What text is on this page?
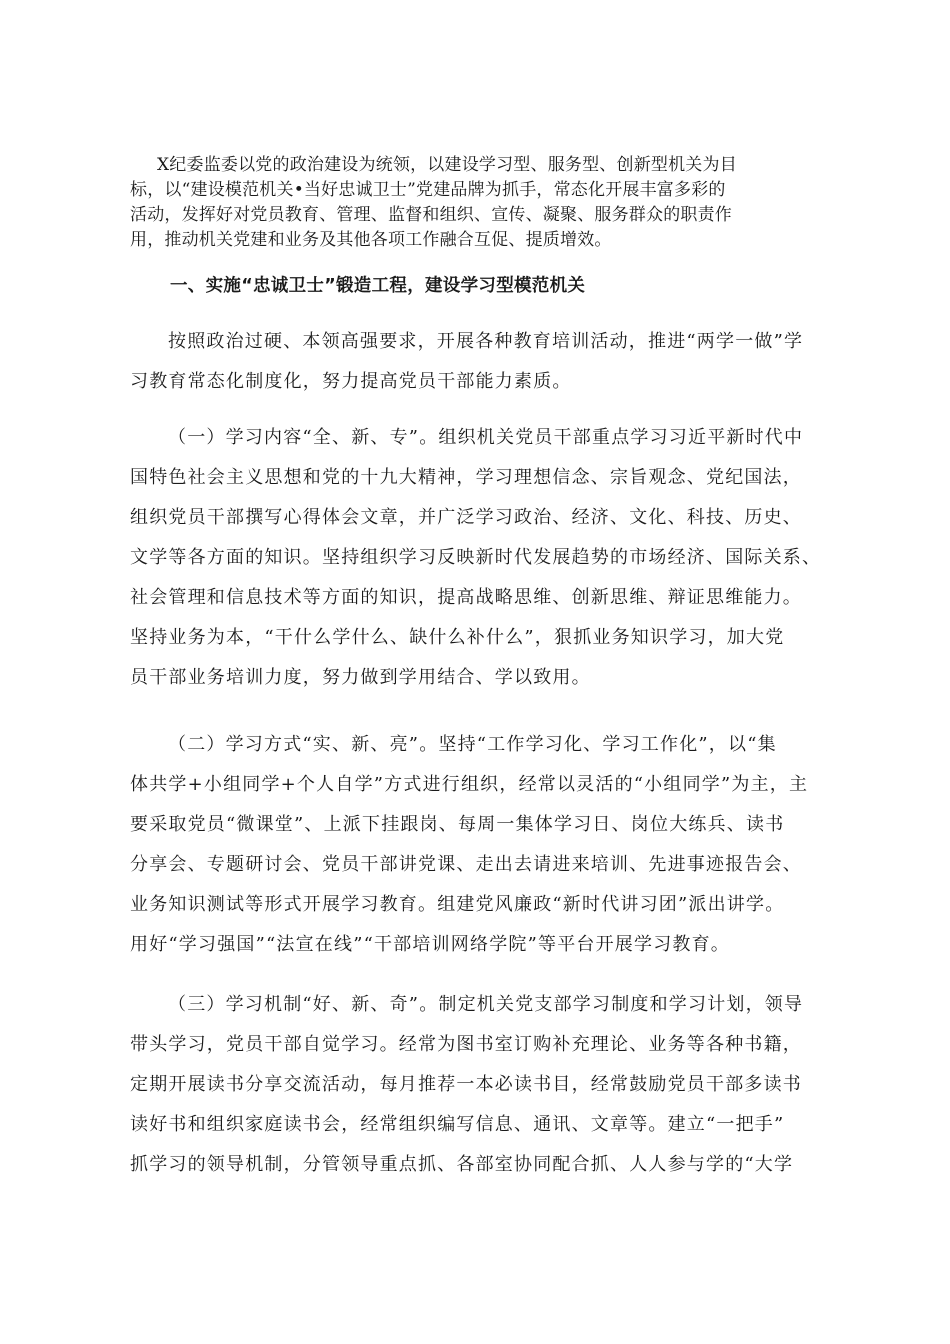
X纪委监委以党的政治建设为统领，以建设学习型、服务型、创新型机关为目
标，以“建设模范机关•当好忠诚卫士”党建品牌为抓手，常态化开展丰富多彩的
活动，发挥好对党员教育、管理、监督和组织、宣传、凝聚、服务群众的职责作
用，推动机关党建和业务及其他各项工作融合互促、提质增效。
一、实施“忠诚卫士”锻造工程，建设学习型模范机关
按照政治过硬、本领高强要求，开展各种教育培训活动，推进“两学一做”学
习教育常态化制度化，努力提高党员干部能力素质。
（一）学习内容“全、新、专”。组织机关党员干部重点学习习近平新时代中
国特色社会主义思想和党的十九大精神，学习理想信念、宗旨观念、党纪国法，
组织党员干部撰写心得体会文章，并广泛学习政治、经济、文化、科技、历史、
文学等各方面的知识。坚持组织学习反映新时代发展趋势的市场经济、国际关系、
社会管理和信息技术等方面的知识，提高战略思维、创新思维、辩证思维能力。
坚持业务为本，“干什么学什么、缺什么补什么”，狠抓业务知识学习，加大党
员干部业务培训力度，努力做到学用结合、学以致用。
（二）学习方式“实、新、亮”。坚持“工作学习化、学习工作化”，以“集
体共学+小组同学+个人自学”方式进行组织，经常以灵活的“小组同学”为主，主
要采取党员“微课堂”、上派下挂跟岗、每周一集体学习日、岗位大练兵、读书
分享会、专题研讨会、党员干部讲党课、走出去请进来培训、先进事迹报告会、
业务知识测试等形式开展学习教育。组建党风廉政“新时代讲习团”派出讲学。
用好“学习强国”“法宣在线”“干部培训网络学院”等平台开展学习教育。
（三）学习机制“好、新、奇”。制定机关党支部学习制度和学习计划，领导
带头学习，党员干部自觉学习。经常为图书室订购补充理论、业务等各种书籍，
定期开展读书分享交流活动，每月推荐一本必读书目，经常鼓励党员干部多读书
读好书和组织家庭读书会，经常组织编写信息、通讯、文章等。建立“一把手”
抓学习的领导机制，分管领导重点抓、各部室协同配合抓、人人参与学的“大学
